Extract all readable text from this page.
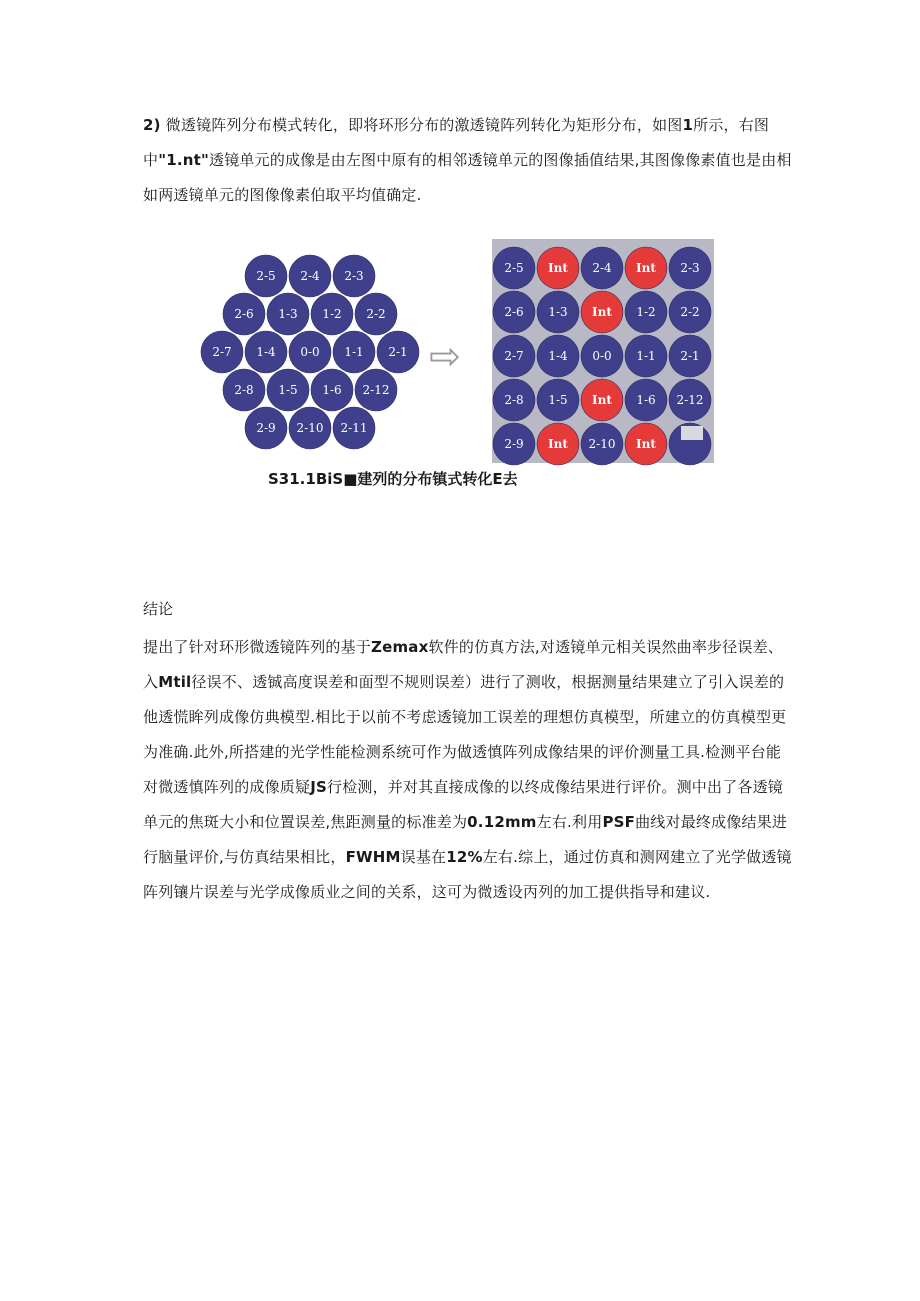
2) 微透镜阵列分布模式转化，即将环形分布的激透镜阵列转化为矩形分布，如图1所示，右图中"1.nt"透镜单元的成像是由左图中原有的相邻透镜单元的图像插值结果,其图像像素值也是由相如两透镜单元的图像像素伯取平均值确定.

2-5 2-4 2-3
2-6 1-3 1-2 2-2
2-7 1-4 0-0 1-1 2-1
2-8 1-5 1-6 2-12
2-9 2-10 2-11
⇨
2-5 Int 2-4 Int 2-3
2-6 1-3 Int 1-2 2-2
2-7 1-4 0-0 1-1 2-1
2-8 1-5 Int 1-6 2-12
2-9 Int 2-10 Int
S31.1BiS■建列的分布镇式转化E去
结论

提出了针对环形微透镜阵列的基于Zemax软件的仿真方法,对透镜单元相关误然曲率步径误差、入Mtil径误不、透铖高度误差和面型不规则误差）进行了测收，根据测量结果建立了引入误差的他透慌眸列成像仿典模型.相比于以前不考虑透镜加工误差的理想仿真模型，所建立的仿真模型更为准确.此外,所搭建的光学性能检测系统可作为做透慎阵列成像结果的评价测量工具.检测平台能对微透慎阵列的成像质疑JS行检测，并对其直接成像的以终成像结果进行评价。测中出了各透镜单元的焦斑大小和位置误差,焦距测量的标准差为0.12mm左右.利用PSF曲线对最终成像结果进行脑量评价,与仿真结果相比，FWHM误基在12%左右.综上，通过仿真和测网建立了光学做透镜阵列镶片误差与光学成像质业之间的关系，这可为微透设丙列的加工提供指导和建议.
